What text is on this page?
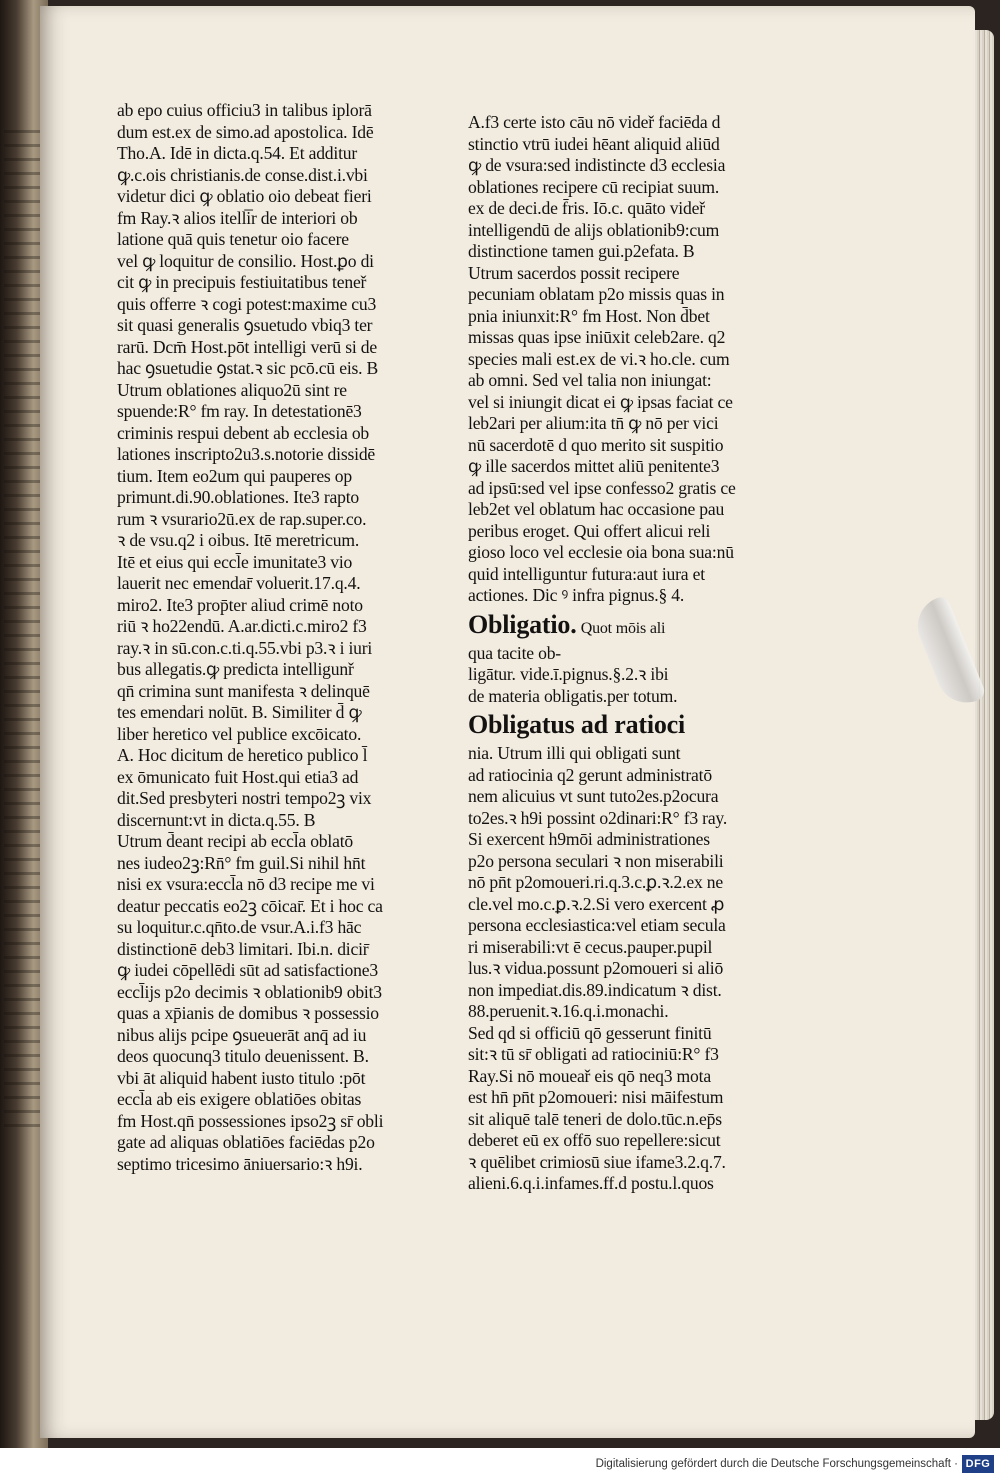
ab epo cuius officiu3 in talibus iplorā
dum est.ex de simo.ad apostolica. Idē
Tho.A. Idē in dicta.q.54. Et additur
ꝙ.c.ois christianis.de conse.dist.i.vbi
videtur dici ꝙ oblatio oio debeat fieri
fm Ray.ꝛ alios itelli̅r de interiori ob
latione quā quis tenetur oio facere
vel ꝙ loquitur de consilio. Host.ꝑo di
cit ꝙ in precipuis festiuitatibus teneř
quis offerre ꝛ cogi potest:maxime cu3
sit quasi generalis ꝯsuetudo vbiq3 ter
rarū. Dcm̄ Host.pōt intelligi verū si de
hac ꝯsuetudie ꝯstat.ꝛ sic pcō.cū eis. B
Utrum oblationes aliquo2ū sint re
spuende:R° fm ray. In detestationē3
criminis respui debent ab ecclesia ob
lationes inscripto2u3.s.notorie dissidē
tium. Item eo2um qui pauperes op
primunt.di.90.oblationes. Ite3 rapto
rum ꝛ vsurario2ū.ex de rap.super.co.
ꝛ de vsu.q2 i oibus. Itē meretricum.
Itē et eius qui eccl̄e imunitate3 vio
lauerit nec emendar̄ voluerit.17.q.4.
miro2. Ite3 prop̄ter aliud crimē noto
riū ꝛ ho22endū. A.ar.dicti.c.miro2 f3
ray.ꝛ in sū.con.c.ti.q.55.vbi p3.ꝛ i iuri
bus allegatis.ꝙ predicta intelligunř
qn̄ crimina sunt manifesta ꝛ delinquē
tes emendari nolūt. B. Similiter d̄ ꝙ
liber heretico vel publice excōicato.
A. Hoc dicitum de heretico publico l̄
ex ōmunicato fuit Host.qui etia3 ad
dit.Sed presbyteri nostri tempo2ꝫ vix
discernunt:vt in dicta.q.55. B
Utrum d̄eant recipi ab eccl̄a oblatō
nes iudeo2ꝫ:Rn̄° fm guil.Si nihil hn̄t
nisi ex vsura:eccl̄a nō d3 recipe me vi
deatur peccatis eo2ꝫ cōicar̄. Et i hoc ca
su loquitur.c.qn̄to.de vsur.A.i.f3 hāc
distinctionē deb3 limitari. Ibi.n. dicir̄
ꝙ iudei cōpellēdi sūt ad satisfactione3
eccl̄ijs p2o decimis ꝛ oblationib9 obit3
quas a xp̄ianis de domibus ꝛ possessio
nibus alijs pcipe ꝯsueuerāt anq̄ ad iu
deos quocunq3 titulo deuenissent. B.
vbi āt aliquid habent iusto titulo :pōt
eccl̄a ab eis exigere oblatiōes obitas
fm Host.qn̄ possessiones ipso2ꝫ sr̄ obli
gate ad aliquas oblatiōes faciēdas p2o
septimo tricesimo āniuersario:ꝛ h9i.
A.f3 certe isto cāu nō videř faciēda d
stinctio vtrū iudei hēant aliquid aliūd
ꝙ de vsura:sed indistincte d3 ecclesia
oblationes recipere cū recipiat suum.
ex de deci.de f̄ris. Iō.c. quāto videř
intelligendū de alijs oblationib9:cum
distinctione tamen gui.p2efata. B
Utrum sacerdos possit recipere
pecuniam oblatam p2o missis quas in
pnia iniunxit:R° fm Host. Non d̄bet
missas quas ipse iniūxit celeb2are. q2
species mali est.ex de vi.ꝛ ho.cle. cum
ab omni. Sed vel talia non iniungat:
vel si iniungit dicat ei ꝙ ipsas faciat ce
leb2ari per alium:ita tn̄ ꝙ nō per vici
nū sacerdotē d quo merito sit suspitio
ꝙ ille sacerdos mittet aliū penitente3
ad ipsū:sed vel ipse confesso2 gratis ce
leb2et vel oblatum hac occasione pau
peribus eroget. Qui offert alicui reli
gioso loco vel ecclesie oia bona sua:nū
quid intelliguntur futura:aut iura et
actiones. Dic ꝰ infra pignus.§ 4.
Obligatio. Quot mōis ali
qua tacite ob-
ligātur. vide.ī.pignus.§.2.ꝛ ibi
de materia obligatis.per totum.
Obligatus ad ratioci
nia. Utrum illi qui obligati sunt
ad ratiocinia q2 gerunt administratō
nem alicuius vt sunt tuto2es.p2ocura
to2es.ꝛ h9i possint o2dinari:R° f3 ray.
Si exercent h9mōi administrationes
p2o persona seculari ꝛ non miserabili
nō pn̄t p2omoueri.ri.q.3.c.ꝑ.ꝛ.2.ex ne
cle.vel mo.c.ꝑ.ꝛ.2.Si vero exercent ꝓ
persona ecclesiastica:vel etiam secula
ri miserabili:vt ē cecus.pauper.pupil
lus.ꝛ vidua.possunt p2omoueri si aliō
non impediat.dis.89.indicatum ꝛ dist.
88.peruenit.ꝛ.16.q.i.monachi.
Sed qd si officiū qō gesserunt finitū
sit:ꝛ tū sr̄ obligati ad ratiociniū:R° f3
Ray.Si nō moueař eis qō neq3 mota
est hn̄ pn̄t p2omoueri: nisi māifestum
sit aliquē talē teneri de dolo.tūc.n.ep̄s
deberet eū ex offō suo repellere:sicut
ꝛ quēlibet crimiosū siue ifame3.2.q.7.
alieni.6.q.i.infames.ff.d postu.l.quos
Digitalisierung gefördert durch die Deutsche Forschungsgemeinschaft · DFG
